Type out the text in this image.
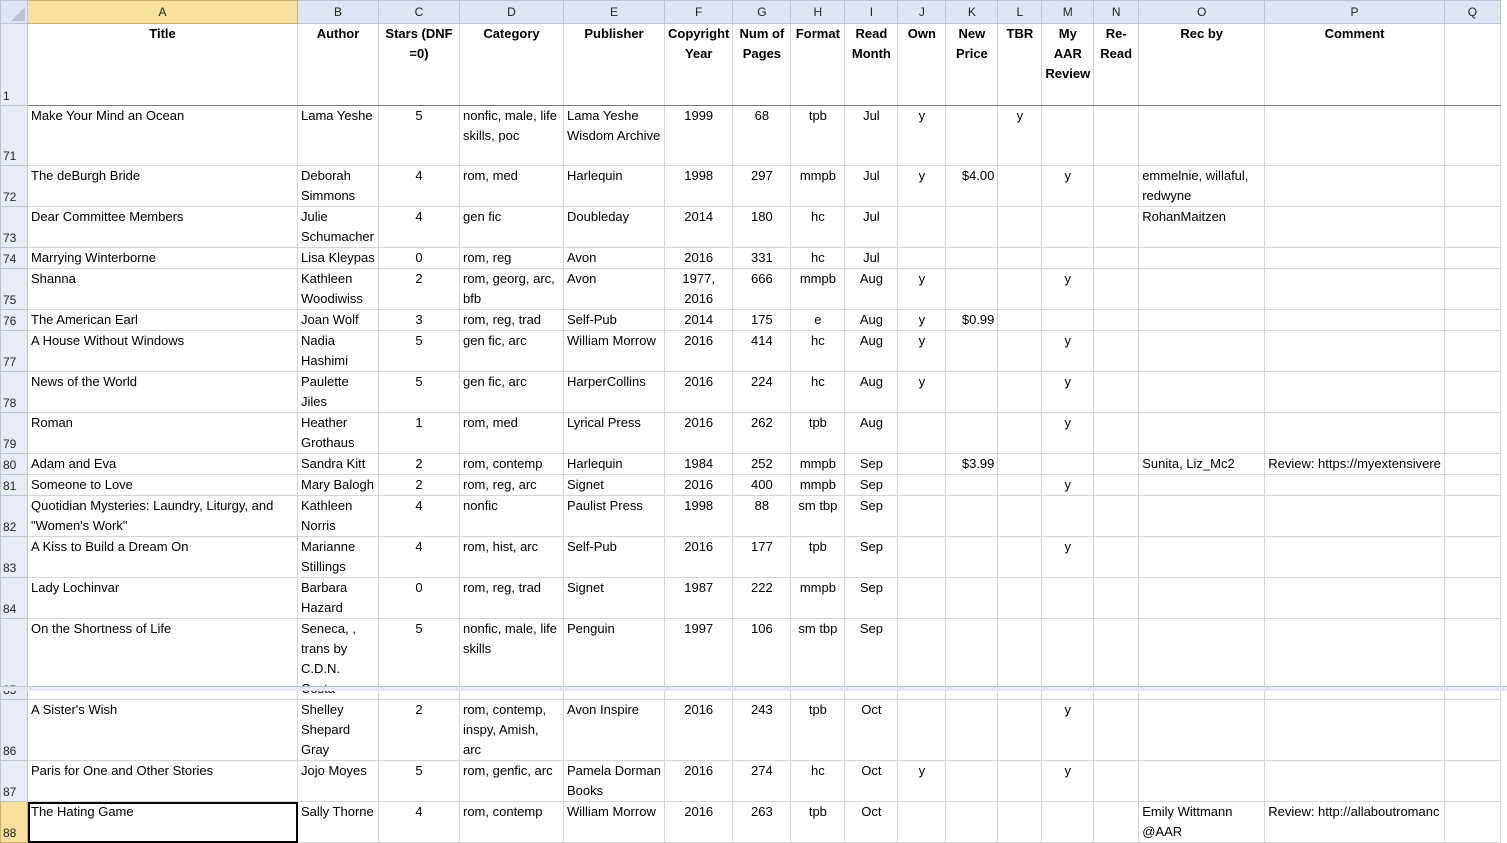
	A	B	C	D	E	F	G	H	I	J	K	L	M	N	O	P	Q
1	Title	Author	Stars (DNF =0)	Category	Publisher	Copyright Year	Num of Pages	Format	Read Month	Own	New Price	TBR	My AAR Review	Re-Read	Rec by	Comment	
71	Make Your Mind an Ocean	Lama Yeshe	5	nonfic, male, life skills, poc	Lama Yeshe Wisdom Archive	1999	68	tpb	Jul	y		y					
72	The deBurgh Bride	Deborah Simmons	4	rom, med	Harlequin	1998	297	mmpb	Jul	y	$4.00		y		emmelnie, willaful, redwyne		
73	Dear Committee Members	Julie Schumacher	4	gen fic	Doubleday	2014	180	hc	Jul						RohanMaitzen		
74	Marrying Winterborne	Lisa Kleypas	0	rom, reg	Avon	2016	331	hc	Jul								
75	Shanna	Kathleen Woodiwiss	2	rom, georg, arc, bfb	Avon	1977, 2016	666	mmpb	Aug	y			y				
76	The American Earl	Joan Wolf	3	rom, reg, trad	Self-Pub	2014	175	e	Aug	y	$0.99						
77	A House Without Windows	Nadia Hashimi	5	gen fic, arc	William Morrow	2016	414	hc	Aug	y			y				
78	News of the World	Paulette Jiles	5	gen fic, arc	HarperCollins	2016	224	hc	Aug	y			y				
79	Roman	Heather Grothaus	1	rom, med	Lyrical Press	2016	262	tpb	Aug				y				
80	Adam and Eva	Sandra Kitt	2	rom, contemp	Harlequin	1984	252	mmpb	Sep		$3.99				Sunita, Liz_Mc2	Review: https://myextensivere	
81	Someone to Love	Mary Balogh	2	rom, reg, arc	Signet	2016	400	mmpb	Sep				y				
82	Quotidian Mysteries: Laundry, Liturgy, and "Women's Work"	Kathleen Norris	4	nonfic	Paulist Press	1998	88	sm tbp	Sep								
83	A Kiss to Build a Dream On	Marianne Stillings	4	rom, hist, arc	Self-Pub	2016	177	tpb	Sep				y				
84	Lady Lochinvar	Barbara Hazard	0	rom, reg, trad	Signet	1987	222	mmpb	Sep								
	On the Shortness of Life	Seneca, , trans by C.D.N.	5	nonfic, male, life skills	Penguin	1997	106	sm tbp	Sep								
86	A Sister's Wish	Shelley Shepard Gray	2	rom, contemp, inspy, Amish, arc	Avon Inspire	2016	243	tpb	Oct				y				
87	Paris for One and Other Stories	Jojo Moyes	5	rom, genfic, arc	Pamela Dorman Books	2016	274	hc	Oct	y			y				
88	The Hating Game	Sally Thorne	4	rom, contemp	William Morrow	2016	263	tpb	Oct						Emily Wittmann @AAR	Review: http://allaboutromanc	
